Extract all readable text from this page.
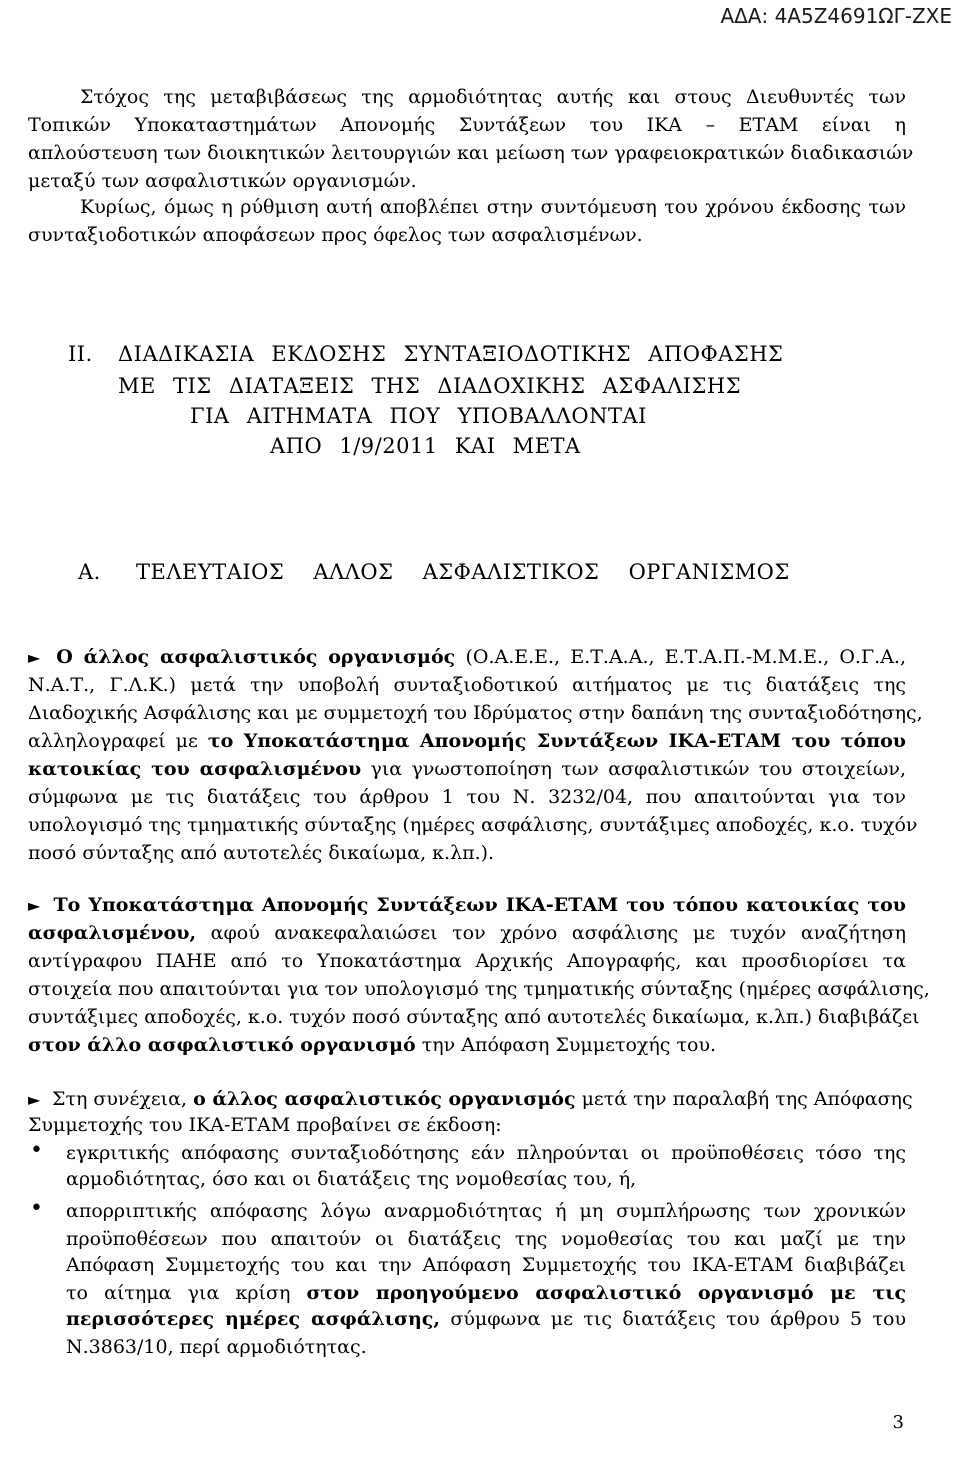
ΑΔΑ: 4Α5Ζ4691ΩΓ-ΖΧΕ
Στόχος της μεταβιβάσεως της αρμοδιότητας αυτής και στους Διευθυντές των
Τοπικών Υποκαταστημάτων Απονομής Συντάξεων του ΙΚΑ – ΕΤΑΜ είναι η
απλούστευση των διοικητικών λειτουργιών και μείωση των γραφειοκρατικών διαδικασιών
μεταξύ των ασφαλιστικών οργανισμών.
Κυρίως, όμως η ρύθμιση αυτή αποβλέπει στην συντόμευση του χρόνου έκδοσης των
συνταξιοδοτικών αποφάσεων προς όφελος των ασφαλισμένων.
ΙΙ. ΔΙΑΔΙΚΑΣΙΑ ΕΚΔΟΣΗΣ ΣΥΝΤΑΞΙΟΔΟΤΙΚΗΣ ΑΠΟΦΑΣΗΣ
ΜΕ ΤΙΣ ΔΙΑΤΑΞΕΙΣ ΤΗΣ ΔΙΑΔΟΧΙΚΗΣ ΑΣΦΑΛΙΣΗΣ
ΓΙΑ ΑΙΤΗΜΑΤΑ ΠΟΥ ΥΠΟΒΑΛΛΟΝΤΑΙ
ΑΠΟ 1/9/2011 ΚΑΙ ΜΕΤΑ
Α. ΤΕΛΕΥΤΑΙΟΣ ΑΛΛΟΣ ΑΣΦΑΛΙΣΤΙΚΟΣ ΟΡΓΑΝΙΣΜΟΣ
► Ο άλλος ασφαλιστικός οργανισμός (Ο.Α.Ε.Ε., Ε.Τ.Α.Α., Ε.Τ.Α.Π.-Μ.Μ.Ε., Ο.Γ.Α.,
Ν.Α.Τ., Γ.Λ.Κ.) μετά την υποβολή συνταξιοδοτικού αιτήματος με τις διατάξεις της
Διαδοχικής Ασφάλισης και με συμμετοχή του Ιδρύματος στην δαπάνη της συνταξιοδότησης,
αλληλογραφεί με το Υποκατάστημα Απονομής Συντάξεων ΙΚΑ-ΕΤΑΜ του τόπου
κατοικίας του ασφαλισμένου για γνωστοποίηση των ασφαλιστικών του στοιχείων,
σύμφωνα με τις διατάξεις του άρθρου 1 του Ν. 3232/04, που απαιτούνται για τον
υπολογισμό της τμηματικής σύνταξης (ημέρες ασφάλισης, συντάξιμες αποδοχές, κ.ο. τυχόν
ποσό σύνταξης από αυτοτελές δικαίωμα, κ.λπ.).
► Το Υποκατάστημα Απονομής Συντάξεων ΙΚΑ-ΕΤΑΜ του τόπου κατοικίας του
ασφαλισμένου, αφού ανακεφαλαιώσει τον χρόνο ασφάλισης με τυχόν αναζήτηση
αντίγραφου ΠΑΗΕ από το Υποκατάστημα Αρχικής Απογραφής, και προσδιορίσει τα
στοιχεία που απαιτούνται για τον υπολογισμό της τμηματικής σύνταξης (ημέρες ασφάλισης,
συντάξιμες αποδοχές, κ.ο. τυχόν ποσό σύνταξης από αυτοτελές δικαίωμα, κ.λπ.) διαβιβάζει
στον άλλο ασφαλιστικό οργανισμό την Απόφαση Συμμετοχής του.
► Στη συνέχεια, ο άλλος ασφαλιστικός οργανισμός μετά την παραλαβή της Απόφασης
Συμμετοχής του ΙΚΑ-ΕΤΑΜ προβαίνει σε έκδοση:
• εγκριτικής απόφασης συνταξιοδότησης εάν πληρούνται οι προϋποθέσεις τόσο της
αρμοδιότητας, όσο και οι διατάξεις της νομοθεσίας του, ή,
• απορριπτικής απόφασης λόγω αναρμοδιότητας ή μη συμπλήρωσης των χρονικών
προϋποθέσεων που απαιτούν οι διατάξεις της νομοθεσίας του και μαζί με την
Απόφαση Συμμετοχής του και την Απόφαση Συμμετοχής του ΙΚΑ-ΕΤΑΜ διαβιβάζει
το αίτημα για κρίση στον προηγούμενο ασφαλιστικό οργανισμό με τις
περισσότερες ημέρες ασφάλισης, σύμφωνα με τις διατάξεις του άρθρου 5 του
Ν.3863/10, περί αρμοδιότητας.
3
